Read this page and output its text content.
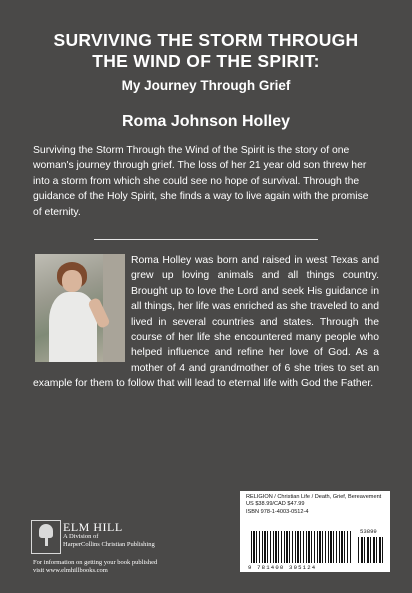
SURVIVING THE STORM THROUGH
THE WIND OF THE SPIRIT:
My Journey Through Grief
Roma Johnson Holley
Surviving the Storm Through the Wind of the Spirit is the story of one woman's journey through grief. The loss of her 21 year old son threw her into a storm from which she could see no hope of survival. Through the guidance of the Holy Spirit, she finds a way to live again with the promise of eternity.
Roma Holley was born and raised in west Texas and grew up loving animals and all things country. Brought up to love the Lord and seek His guidance in all things, her life was enriched as she traveled to and lived in several countries and states. Through the course of her life she encountered many people who helped influence and refine her love of God. As a mother of 4 and grandmother of 6 she tries to set an example for them to follow that will lead to eternal life with God the Father.
ELM HILL
A Division of
HarperCollins Christian Publishing
For information on getting your book published
visit www.elmhillbooks.com
RELIGION / Christian Life / Death, Grief, Bereavement
US $38.99/CAD $47.99
ISBN 978-1-4003-0512-4
53899
9 781400 305124
